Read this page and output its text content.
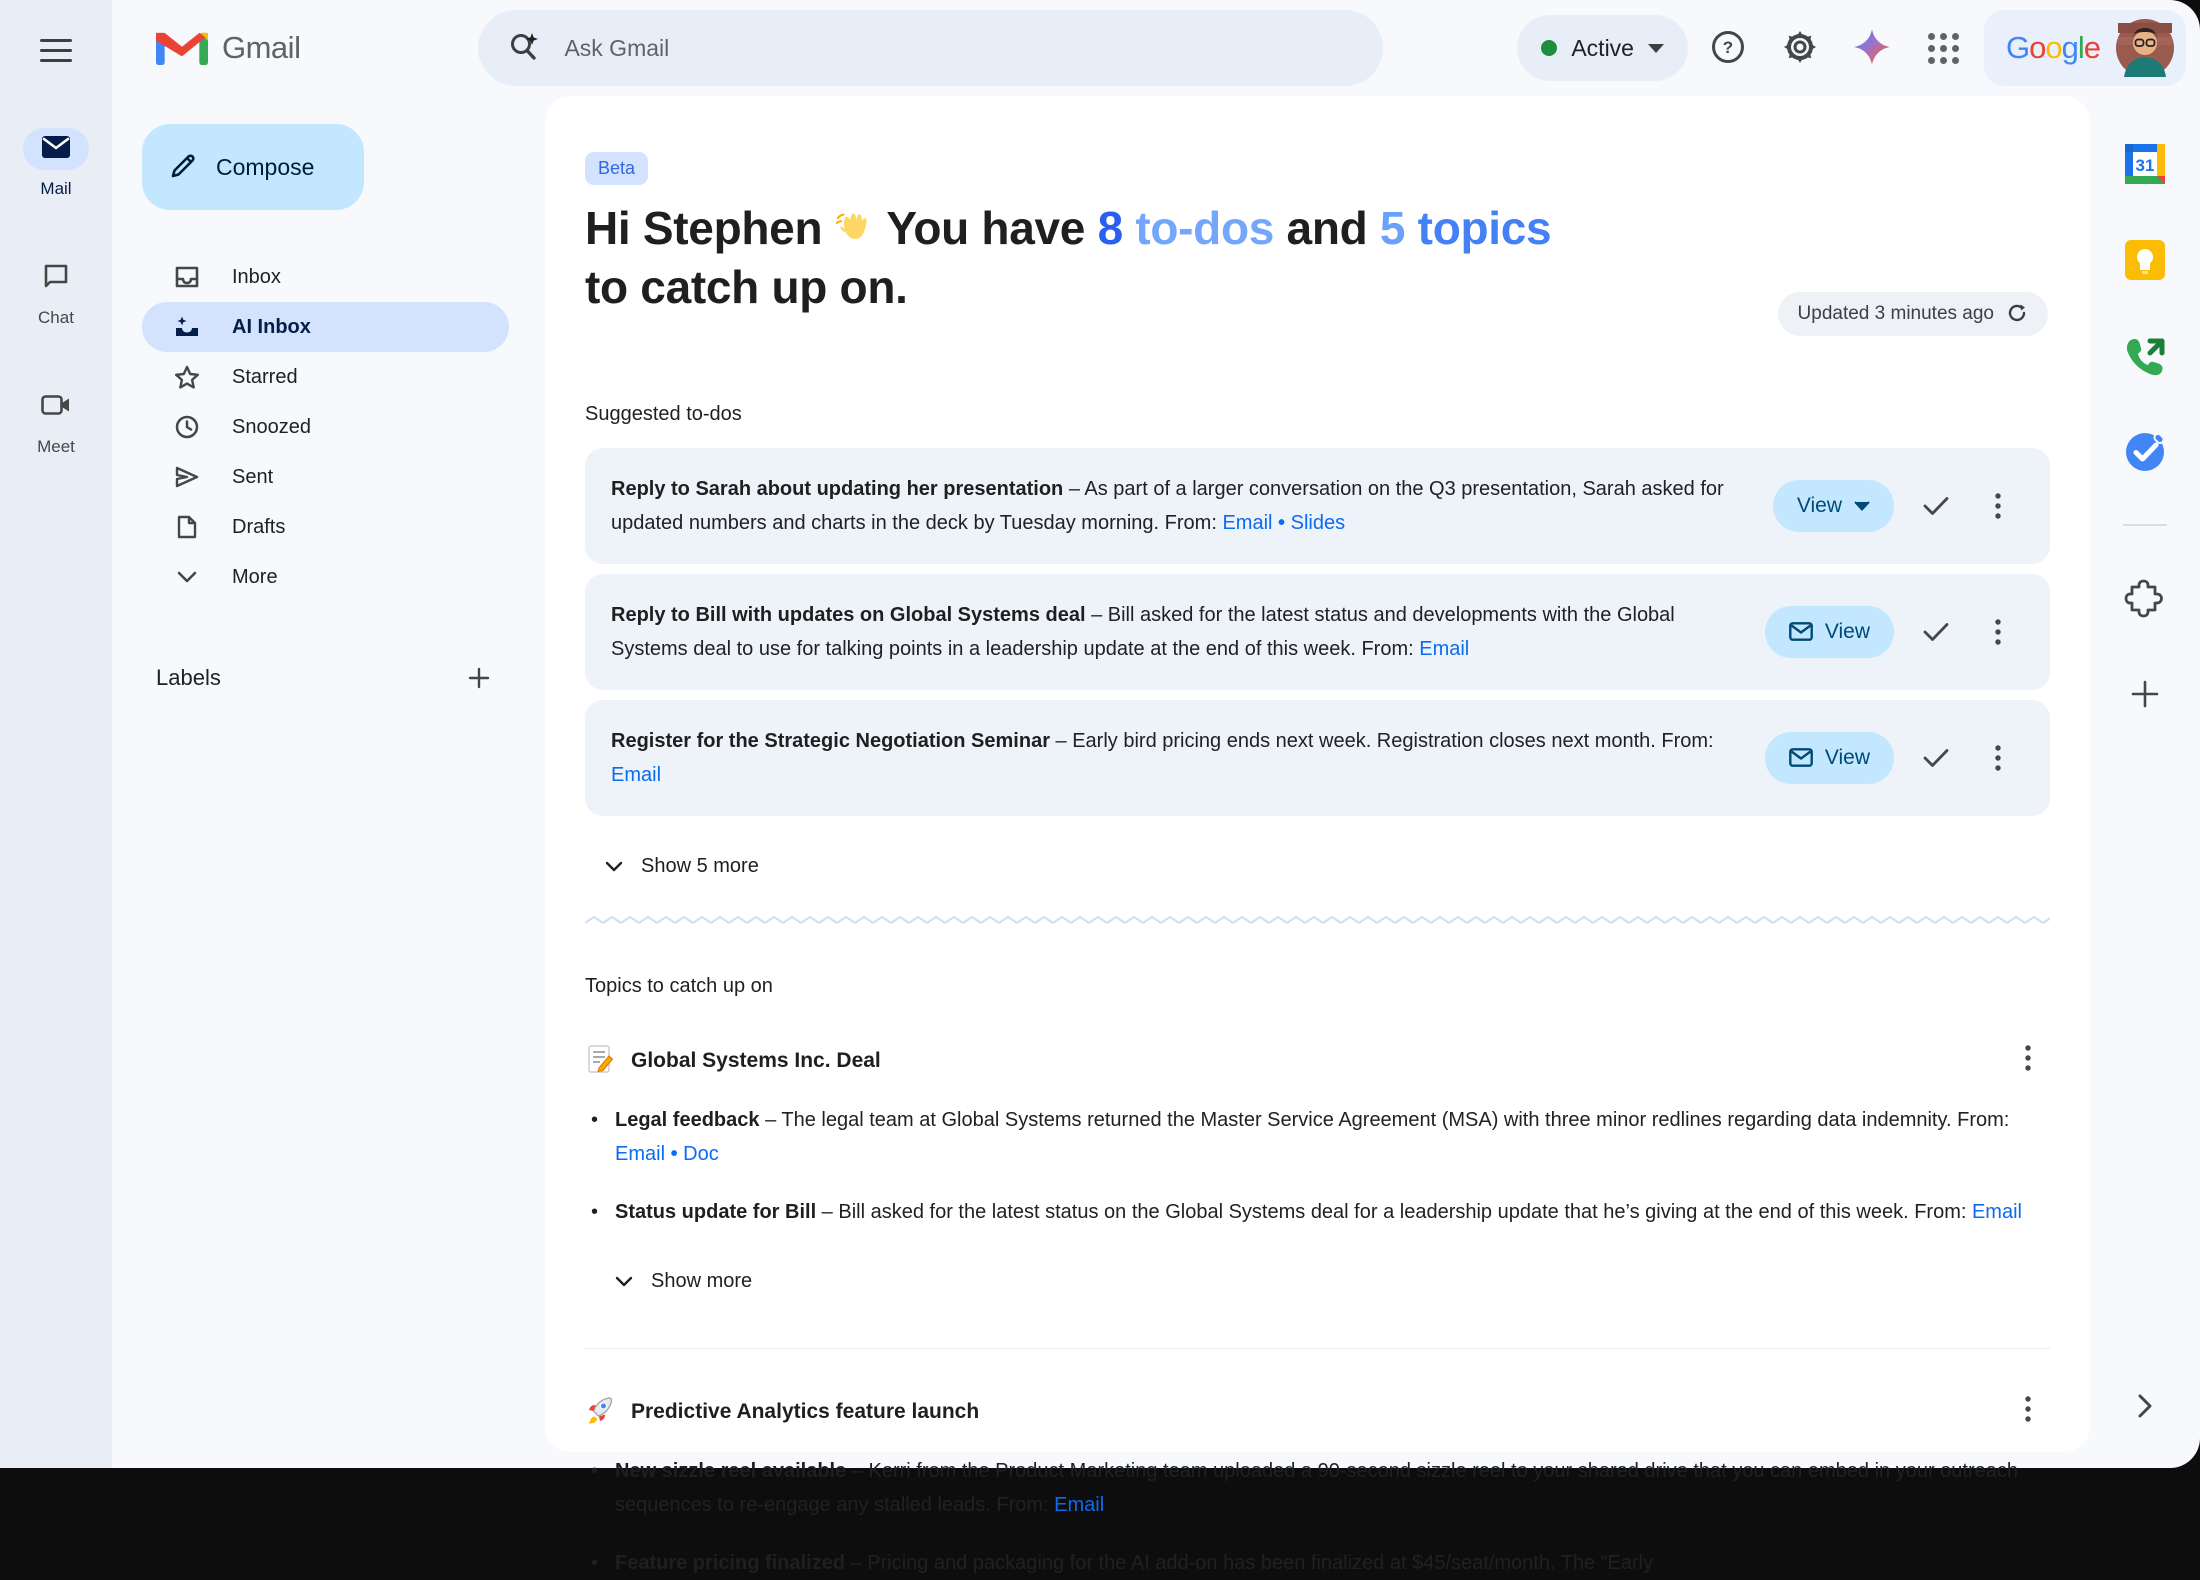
Mail
Chat
Meet
Gmail
Ask Gmail	Active	?	Google
Compose
Inbox
AI Inbox
Starred
Snoozed
Sent
Drafts
More
Labels
Beta
Hi Stephen  You have 8 to-dos and 5 topics to catch up on.
Updated 3 minutes ago
Suggested to-dos
Reply to Sarah about updating her presentation – As part of a larger conversation on the Q3 presentation, Sarah asked for updated numbers and charts in the deck by Tuesday morning. From: Email • Slides
View
Reply to Bill with updates on Global Systems deal – Bill asked for the latest status and developments with the Global Systems deal to use for talking points in a leadership update at the end of this week. From: Email
View
Register for the Strategic Negotiation Seminar – Early bird pricing ends next week. Registration closes next month. From: Email
View
Show 5 more
Topics to catch up on
Global Systems Inc. Deal
• Legal feedback – The legal team at Global Systems returned the Master Service Agreement (MSA) with three minor redlines regarding data indemnity. From: Email • Doc
• Status update for Bill – Bill asked for the latest status on the Global Systems deal for a leadership update that he’s giving at the end of this week. From: Email
Show more
Predictive Analytics feature launch
• New sizzle reel available – Kerri from the Product Marketing team uploaded a 90-second sizzle reel to your shared drive that you can embed in your outreach sequences to re-engage any stalled leads. From: Email
• Feature pricing finalized – Pricing and packaging for the AI add-on has been finalized at $45/seat/month. The “Early
31
